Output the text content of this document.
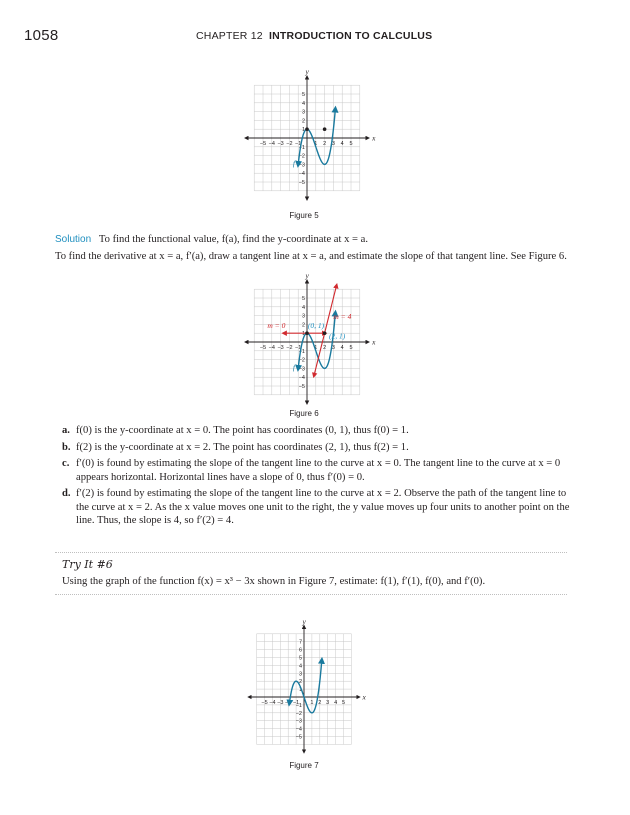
1058	CHAPTER 12 INTRODUCTION TO CALCULUS
x
y
−5 −4 −3 −2 −1 1 2 3 4 5
5
4
3
2
1
−1
−2
−3
−4
−5
f
Figure 5
Solution To find the functional value, f(a), find the y-coordinate at x = a.
To find the derivative at x = a, f′(a), draw a tangent line at x = a, and estimate the slope of that tangent line. See Figure 6.
x
y
−5 −4 −3 −2 −1 1 2 3 4 5
5
4
3
2
1
−1
−2
−3
−4
−5
m = 0
m = 4
(0, 1)
(2, 1)
f
Figure 6
a. f(0) is the y-coordinate at x = 0. The point has coordinates (0, 1), thus f(0) = 1.
b. f(2) is the y-coordinate at x = 2. The point has coordinates (2, 1), thus f(2) = 1.
c. f′(0) is found by estimating the slope of the tangent line to the curve at x = 0. The tangent line to the curve at x = 0 appears horizontal. Horizontal lines have a slope of 0, thus f′(0) = 0.
d. f′(2) is found by estimating the slope of the tangent line to the curve at x = 2. Observe the path of the tangent line to the curve at x = 2. As the x value moves one unit to the right, the y value moves up four units to another point on the line. Thus, the slope is 4, so f′(2) = 4.
Try It #6
Using the graph of the function f(x) = x³ − 3x shown in Figure 7, estimate: f(1), f′(1), f(0), and f′(0).
x
y
−5 −4 −3 −2 −1 1 2 3 4 5
7
6
5
4
3
2
1
−1
−2
−3
−4
−5
Figure 7
